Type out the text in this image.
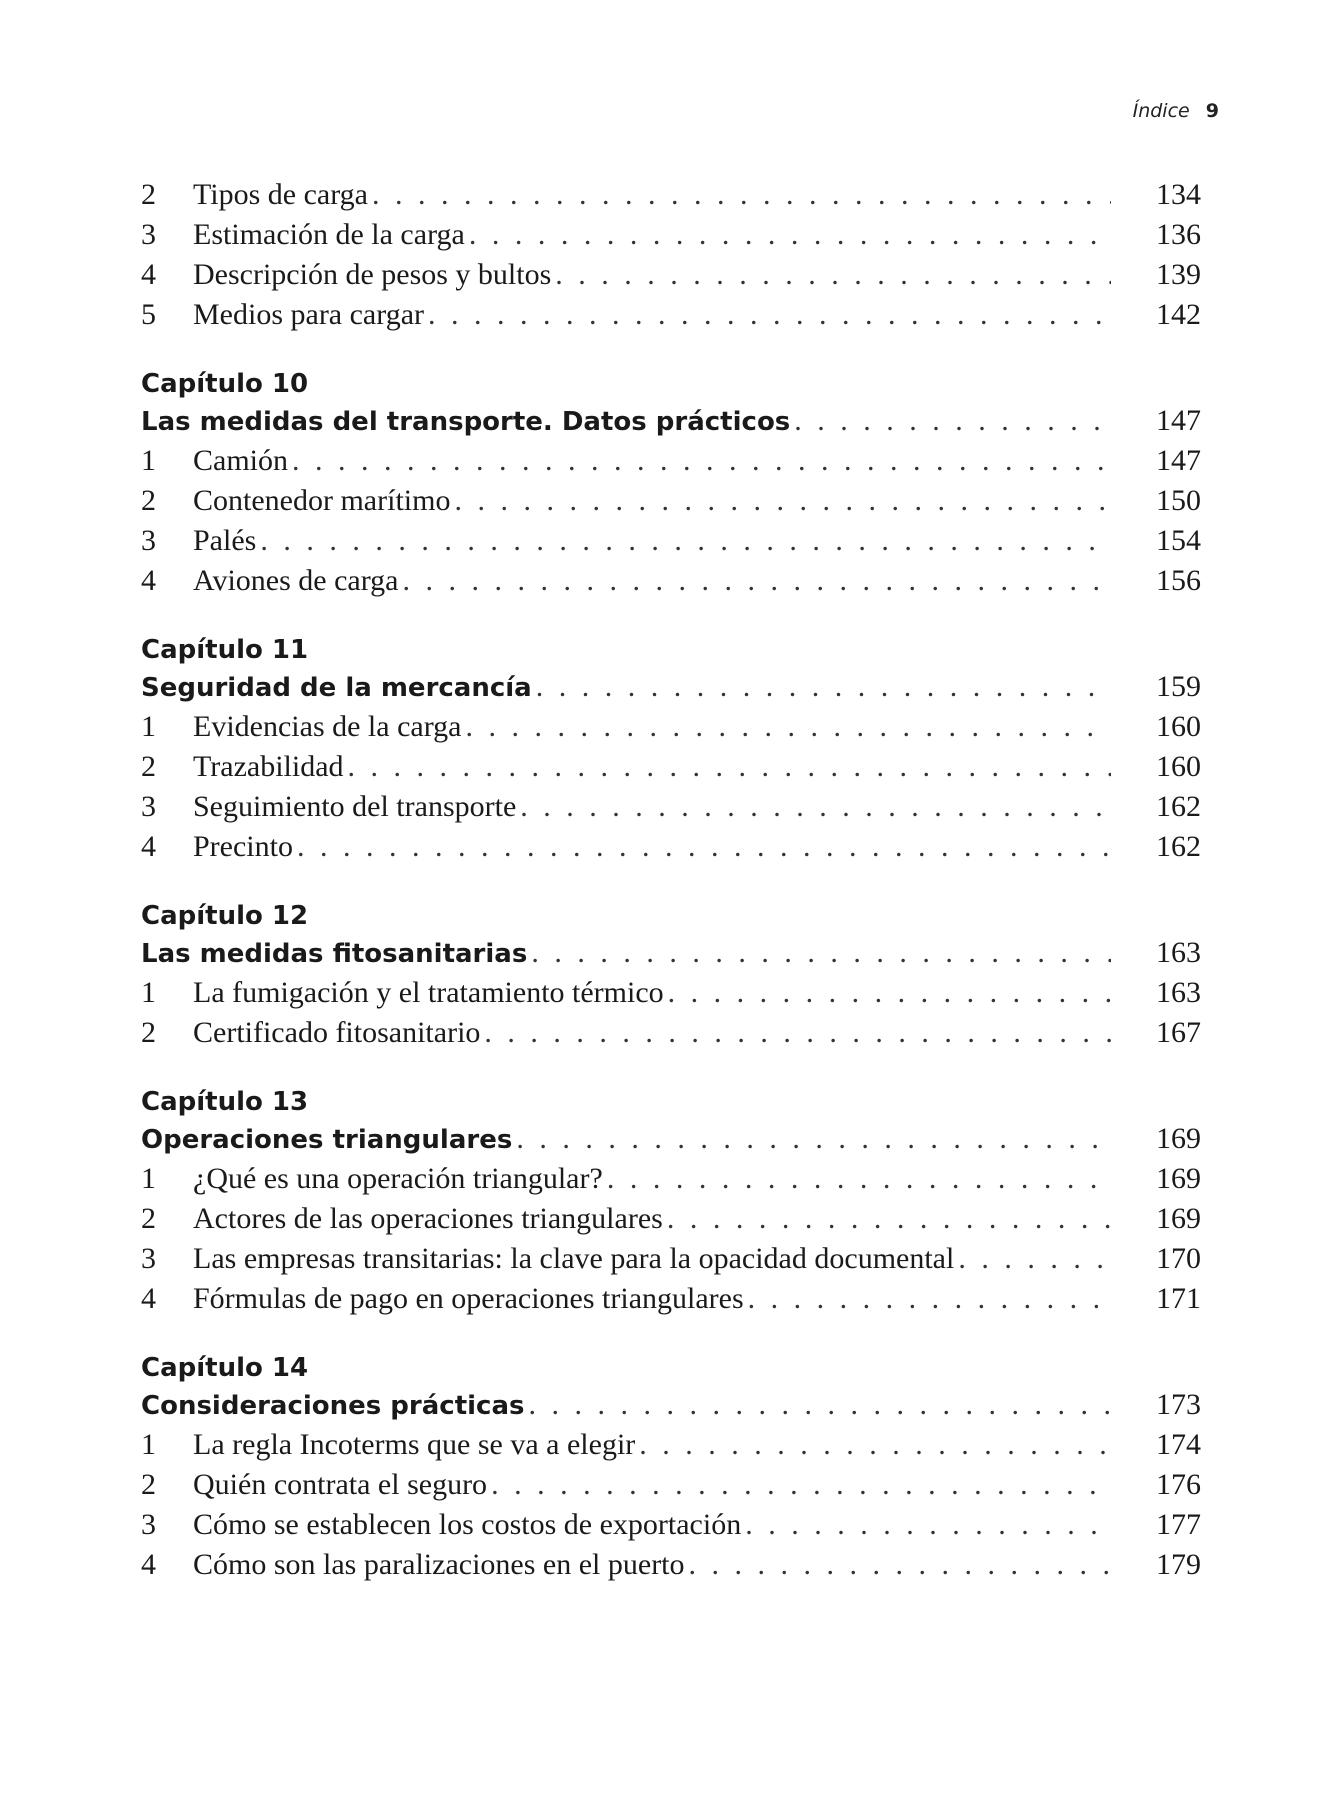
Índice 9
2	Tipos de carga . . .	134
3	Estimación de la carga . . .	136
4	Descripción de pesos y bultos . . .	139
5	Medios para cargar . . .	142
Capítulo 10
Las medidas del transporte. Datos prácticos . . .	147
1	Camión . . .	147
2	Contenedor marítimo . . .	150
3	Palés . . .	154
4	Aviones de carga . . .	156
Capítulo 11
Seguridad de la mercancía . . .	159
1	Evidencias de la carga . . .	160
2	Trazabilidad . . .	160
3	Seguimiento del transporte . . .	162
4	Precinto . . .	162
Capítulo 12
Las medidas fitosanitarias . . .	163
1	La fumigación y el tratamiento térmico . . .	163
2	Certificado fitosanitario . . .	167
Capítulo 13
Operaciones triangulares . . .	169
1	¿Qué es una operación triangular? . . .	169
2	Actores de las operaciones triangulares . . .	169
3	Las empresas transitarias: la clave para la opacidad documental . . .	170
4	Fórmulas de pago en operaciones triangulares . . .	171
Capítulo 14
Consideraciones prácticas . . .	173
1	La regla Incoterms que se va a elegir . . .	174
2	Quién contrata el seguro . . .	176
3	Cómo se establecen los costos de exportación . . .	177
4	Cómo son las paralizaciones en el puerto . . .	179
